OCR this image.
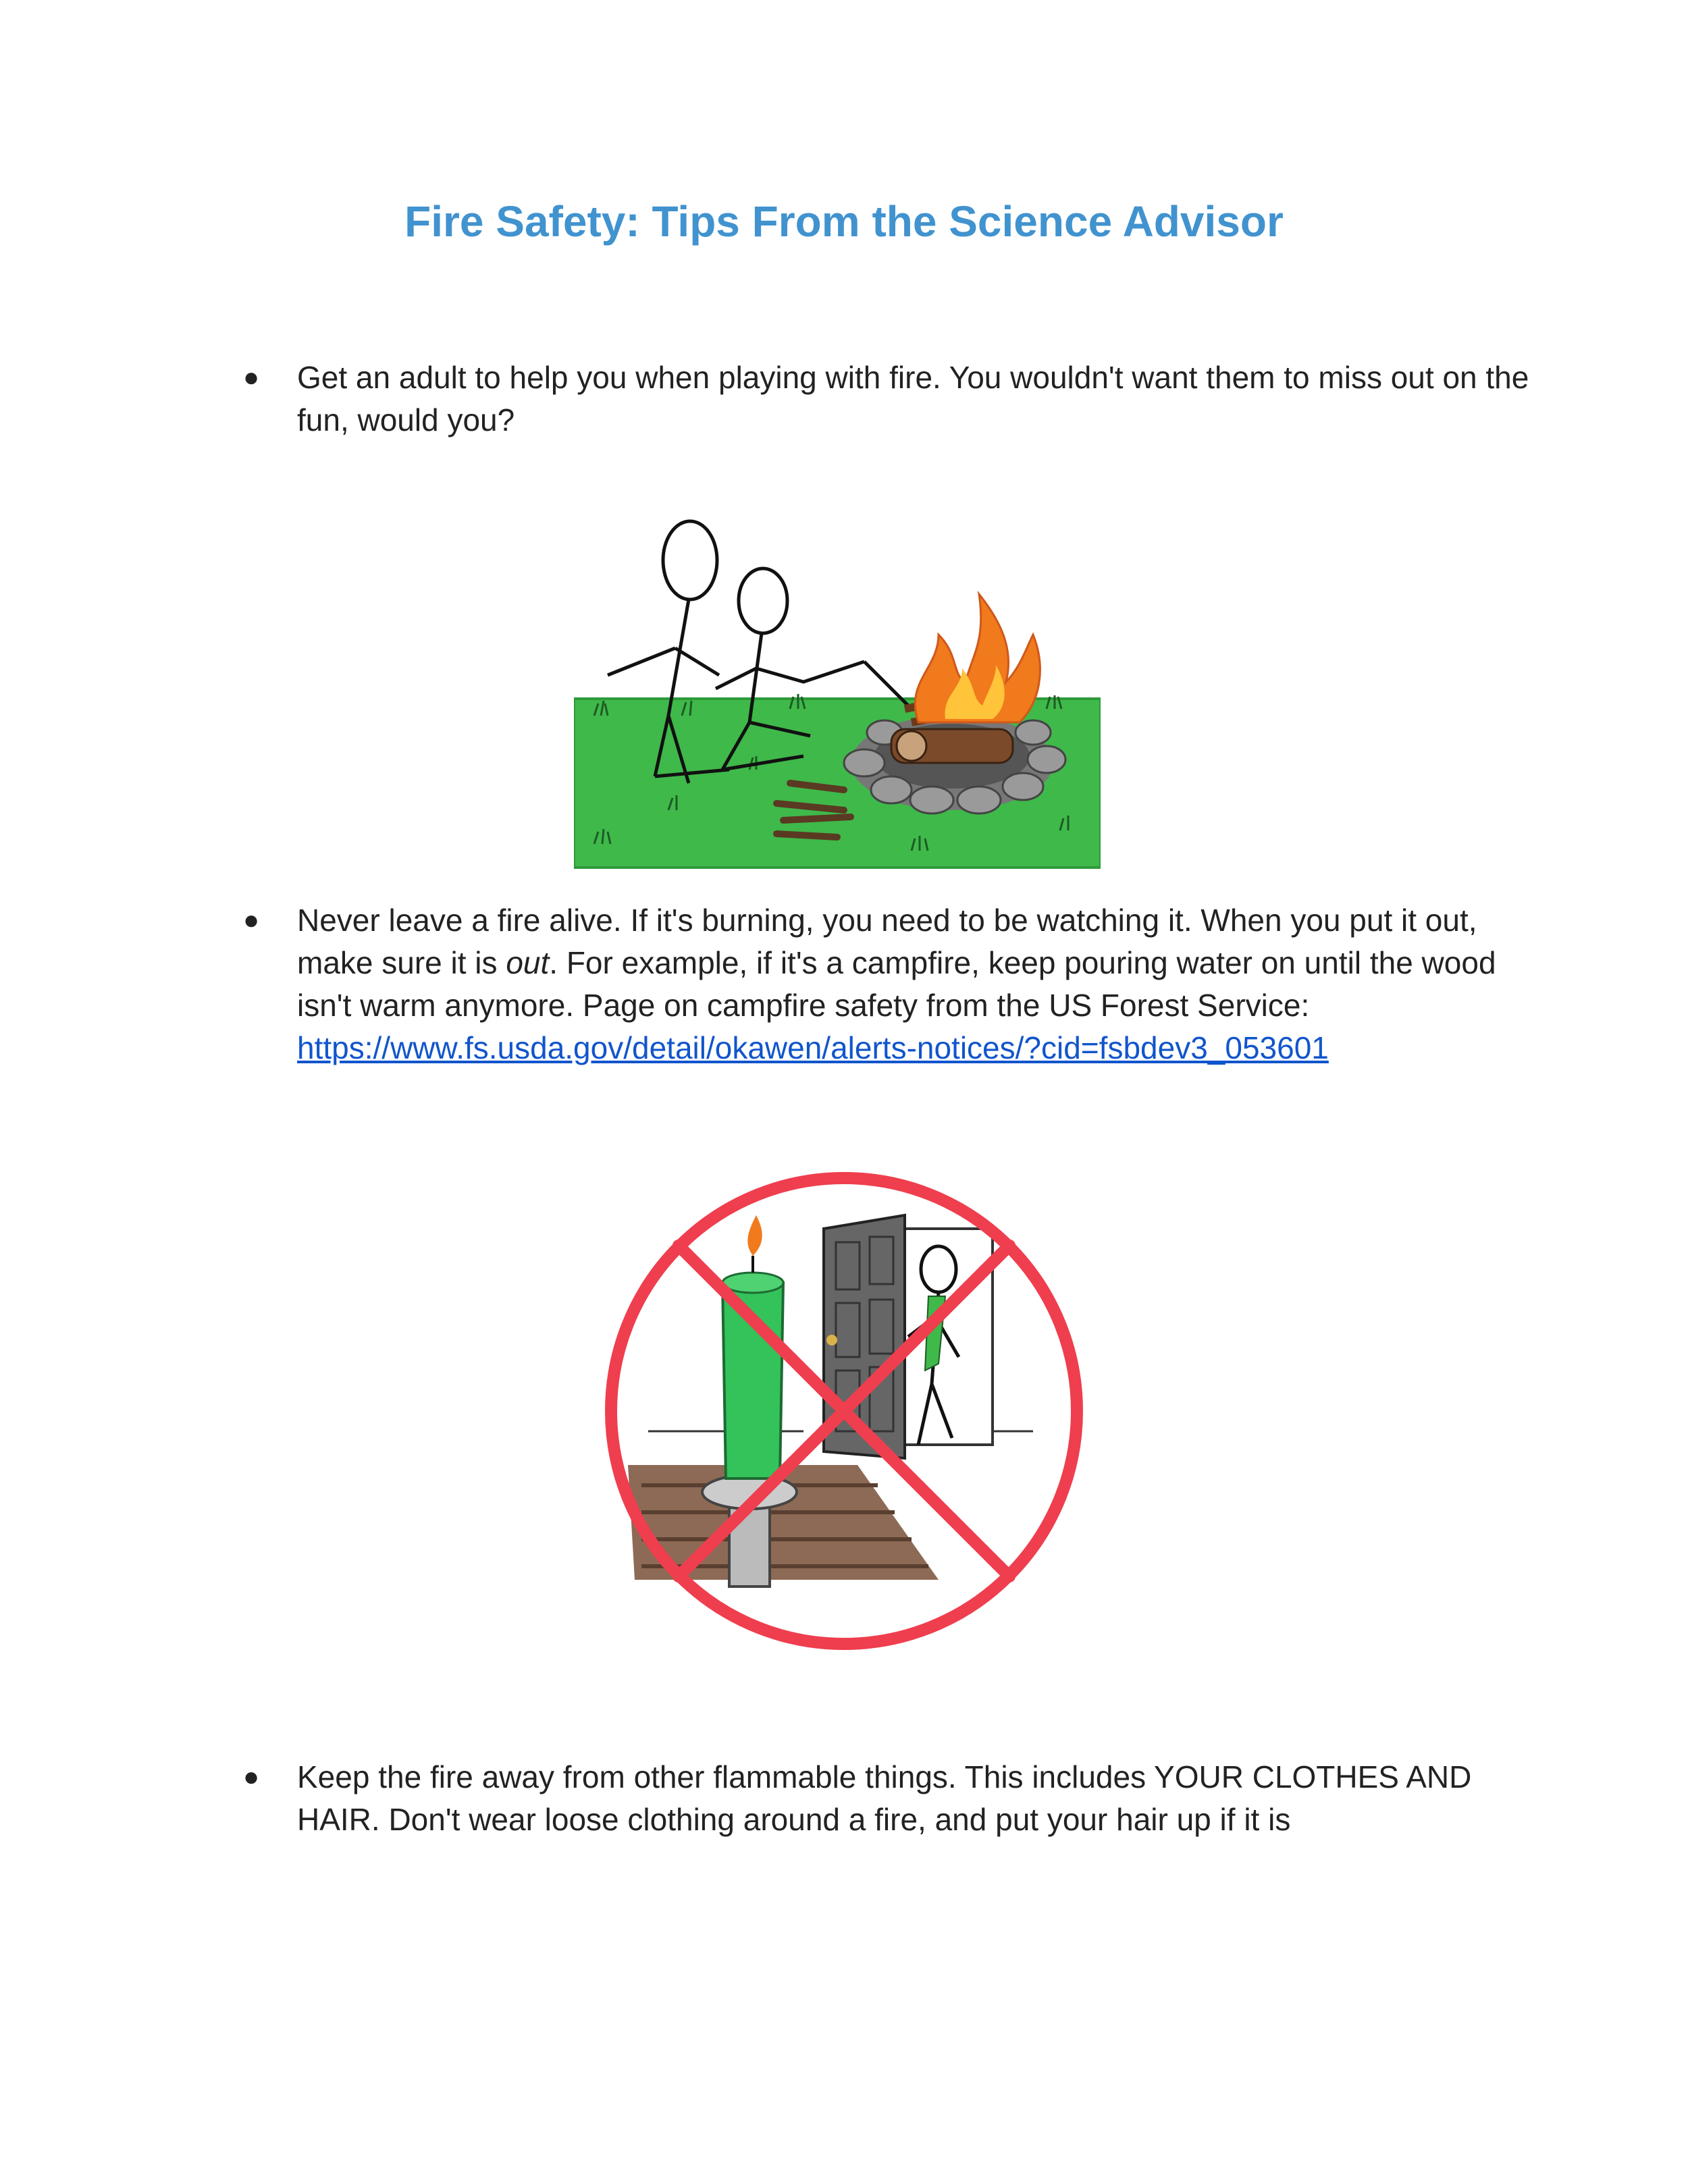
Fire Safety: Tips From the Science Advisor
● Get an adult to help you when playing with fire. You wouldn't want them to miss out on the fun, would you?
● Never leave a fire alive. If it's burning, you need to be watching it. When you put it out, make sure it is out. For example, if it's a campfire, keep pouring water on until the wood isn't warm anymore. Page on campfire safety from the US Forest Service:
https://www.fs.usda.gov/detail/okawen/alerts-notices/?cid=fsbdev3_053601
● Keep the fire away from other flammable things. This includes YOUR CLOTHES AND HAIR. Don't wear loose clothing around a fire, and put your hair up if it is
